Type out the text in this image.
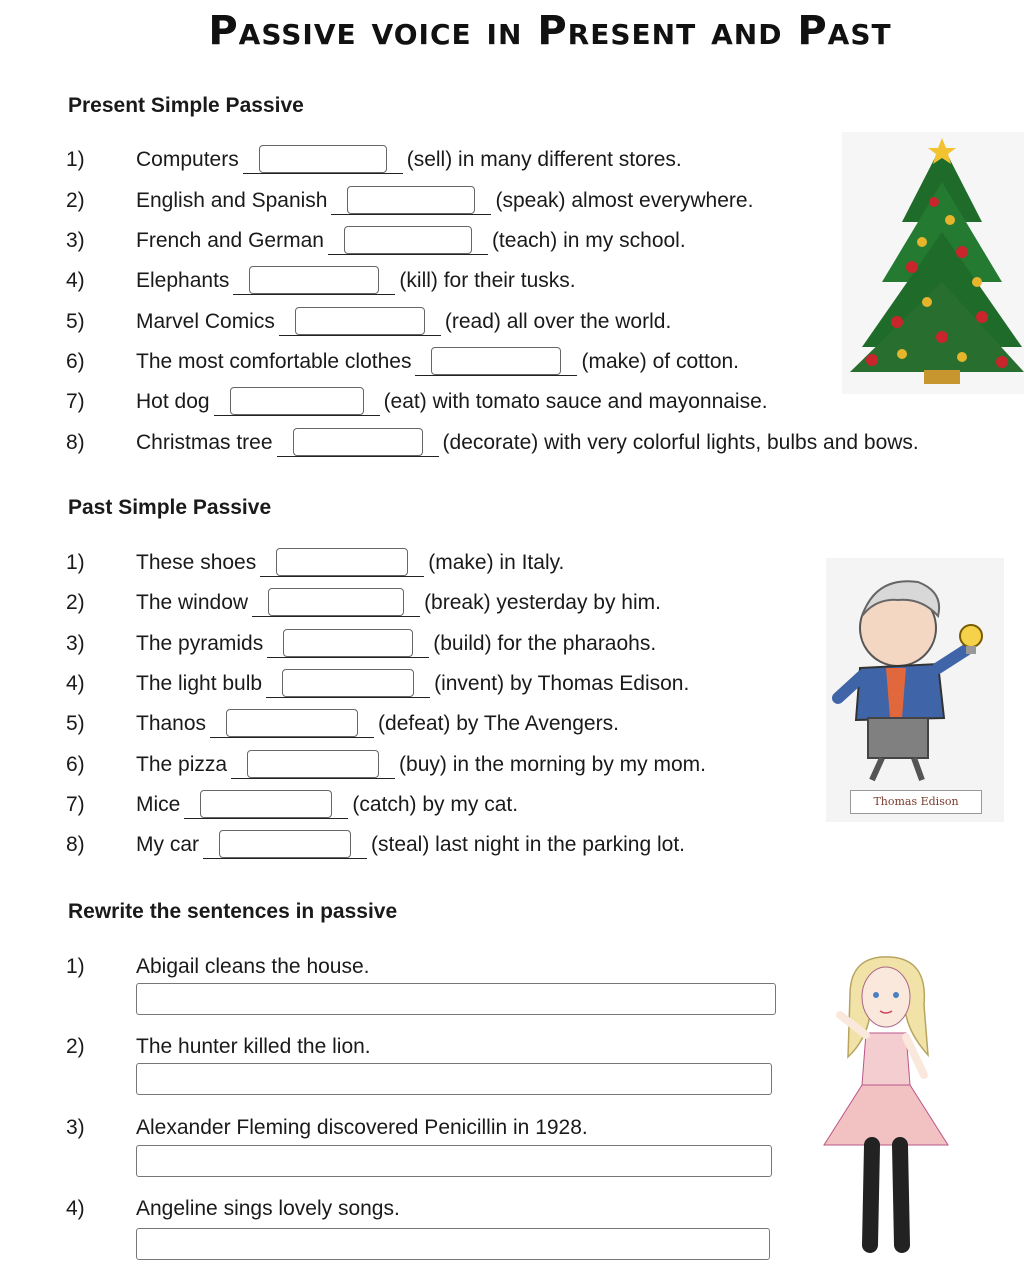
Passive voice in Present and Past
Present Simple Passive
1) Computers	(sell) in many different stores.
2) English and Spanish	(speak) almost everywhere.
3) French and German	(teach) in my school.
4) Elephants	(kill) for their tusks.
5) Marvel Comics	(read) all over the world.
6) The most comfortable clothes	(make) of cotton.
7) Hot dog	(eat) with tomato sauce and mayonnaise.
8) Christmas tree	(decorate) with very colorful lights, bulbs and bows.
Past Simple Passive
1) These shoes	(make) in Italy.
2) The window	(break) yesterday by him.
3) The pyramids	(build) for the pharaohs.
4) The light bulb	(invent) by Thomas Edison.
5) Thanos	(defeat) by The Avengers.
6) The pizza	(buy) in the morning by my mom.
7) Mice	(catch) by my cat.
8) My car	(steal) last night in the parking lot.
Thomas Edison
Rewrite the sentences in passive
1) Abigail cleans the house.
2) The hunter killed the lion.
3) Alexander Fleming discovered Penicillin in 1928.
4) Angeline sings lovely songs.
